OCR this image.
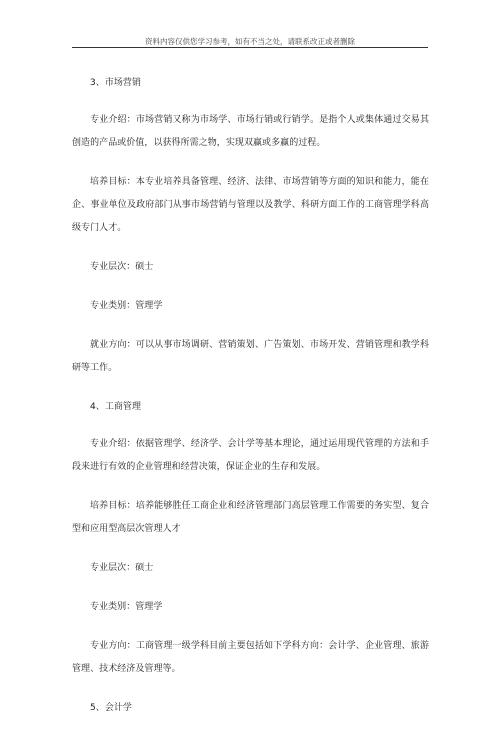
资料内容仅供您学习参考，如有不当之处，请联系改正或者删除

3、市场营销

专业介绍：市场营销又称为市场学、市场行销或行销学。是指个人或集体通过交易其创造的产品或价值，以获得所需之物，实现双赢或多赢的过程。

培养目标：本专业培养具备管理、经济、法律、市场营销等方面的知识和能力，能在企、事业单位及政府部门从事市场营销与管理以及教学、科研方面工作的工商管理学科高级专门人才。

专业层次：硕士

专业类别：管理学

就业方向：可以从事市场调研、营销策划、广告策划、市场开发、营销管理和教学科研等工作。

4、工商管理

专业介绍：依据管理学、经济学、会计学等基本理论，通过运用现代管理的方法和手段来进行有效的企业管理和经营决策，保证企业的生存和发展。

培养目标：培养能够胜任工商企业和经济管理部门高层管理工作需要的务实型、复合型和应用型高层次管理人才

专业层次：硕士

专业类别：管理学

专业方向：工商管理一级学科目前主要包括如下学科方向：会计学、企业管理、旅游管理、技术经济及管理等。

5、会计学
